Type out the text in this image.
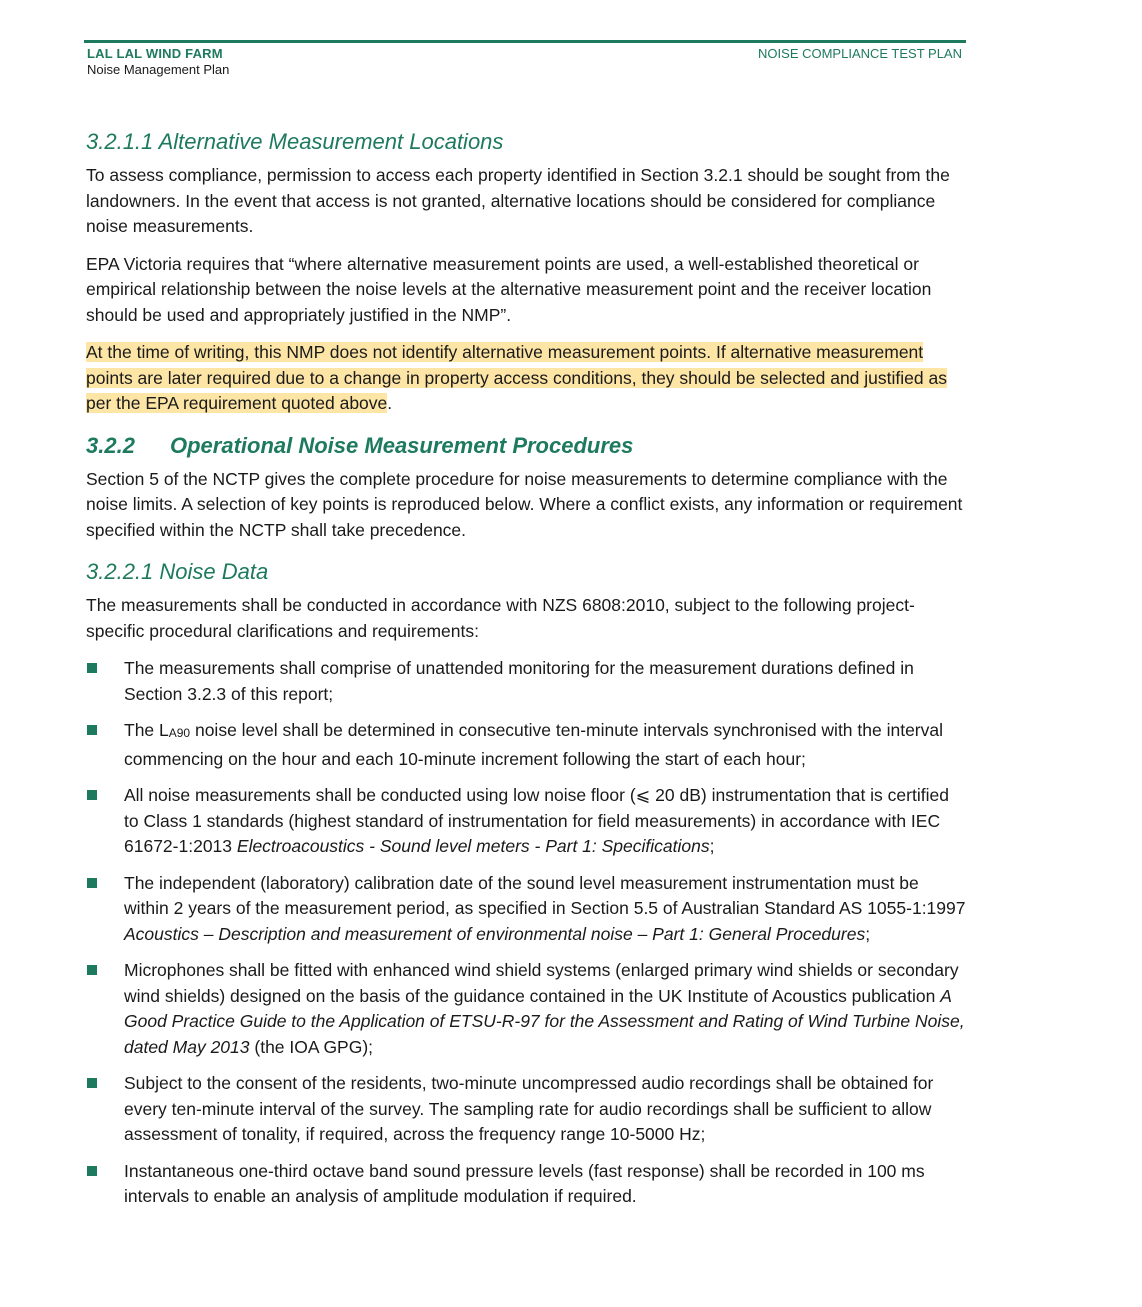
LAL LAL WIND FARM
Noise Management Plan
NOISE COMPLIANCE TEST PLAN
3.2.1.1 Alternative Measurement Locations

To assess compliance, permission to access each property identified in Section 3.2.1 should be sought from the landowners. In the event that access is not granted, alternative locations should be considered for compliance noise measurements.

EPA Victoria requires that “where alternative measurement points are used, a well-established theoretical or empirical relationship between the noise levels at the alternative measurement point and the receiver location should be used and appropriately justified in the NMP”.

At the time of writing, this NMP does not identify alternative measurement points. If alternative measurement points are later required due to a change in property access conditions, they should be selected and justified as per the EPA requirement quoted above.

3.2.2 Operational Noise Measurement Procedures

Section 5 of the NCTP gives the complete procedure for noise measurements to determine compliance with the noise limits. A selection of key points is reproduced below. Where a conflict exists, any information or requirement specified within the NCTP shall take precedence.

3.2.2.1 Noise Data

The measurements shall be conducted in accordance with NZS 6808:2010, subject to the following project-specific procedural clarifications and requirements:

The measurements shall comprise of unattended monitoring for the measurement durations defined in Section 3.2.3 of this report;
The $L_{A90}$ noise level shall be determined in consecutive ten-minute intervals synchronised with the interval commencing on the hour and each 10-minute increment following the start of each hour;
All noise measurements shall be conducted using low noise floor (⩽ 20 dB) instrumentation that is certified to Class 1 standards (highest standard of instrumentation for field measurements) in accordance with IEC 61672-1:2013 Electroacoustics - Sound level meters - Part 1: Specifications;
The independent (laboratory) calibration date of the sound level measurement instrumentation must be within 2 years of the measurement period, as specified in Section 5.5 of Australian Standard AS 1055-1:1997 Acoustics – Description and measurement of environmental noise – Part 1: General Procedures;
Microphones shall be fitted with enhanced wind shield systems (enlarged primary wind shields or secondary wind shields) designed on the basis of the guidance contained in the UK Institute of Acoustics publication A Good Practice Guide to the Application of ETSU-R-97 for the Assessment and Rating of Wind Turbine Noise, dated May 2013 (the IOA GPG);
Subject to the consent of the residents, two-minute uncompressed audio recordings shall be obtained for every ten-minute interval of the survey. The sampling rate for audio recordings shall be sufficient to allow assessment of tonality, if required, across the frequency range 10-5000 Hz;
Instantaneous one-third octave band sound pressure levels (fast response) shall be recorded in 100 ms intervals to enable an analysis of amplitude modulation if required.
